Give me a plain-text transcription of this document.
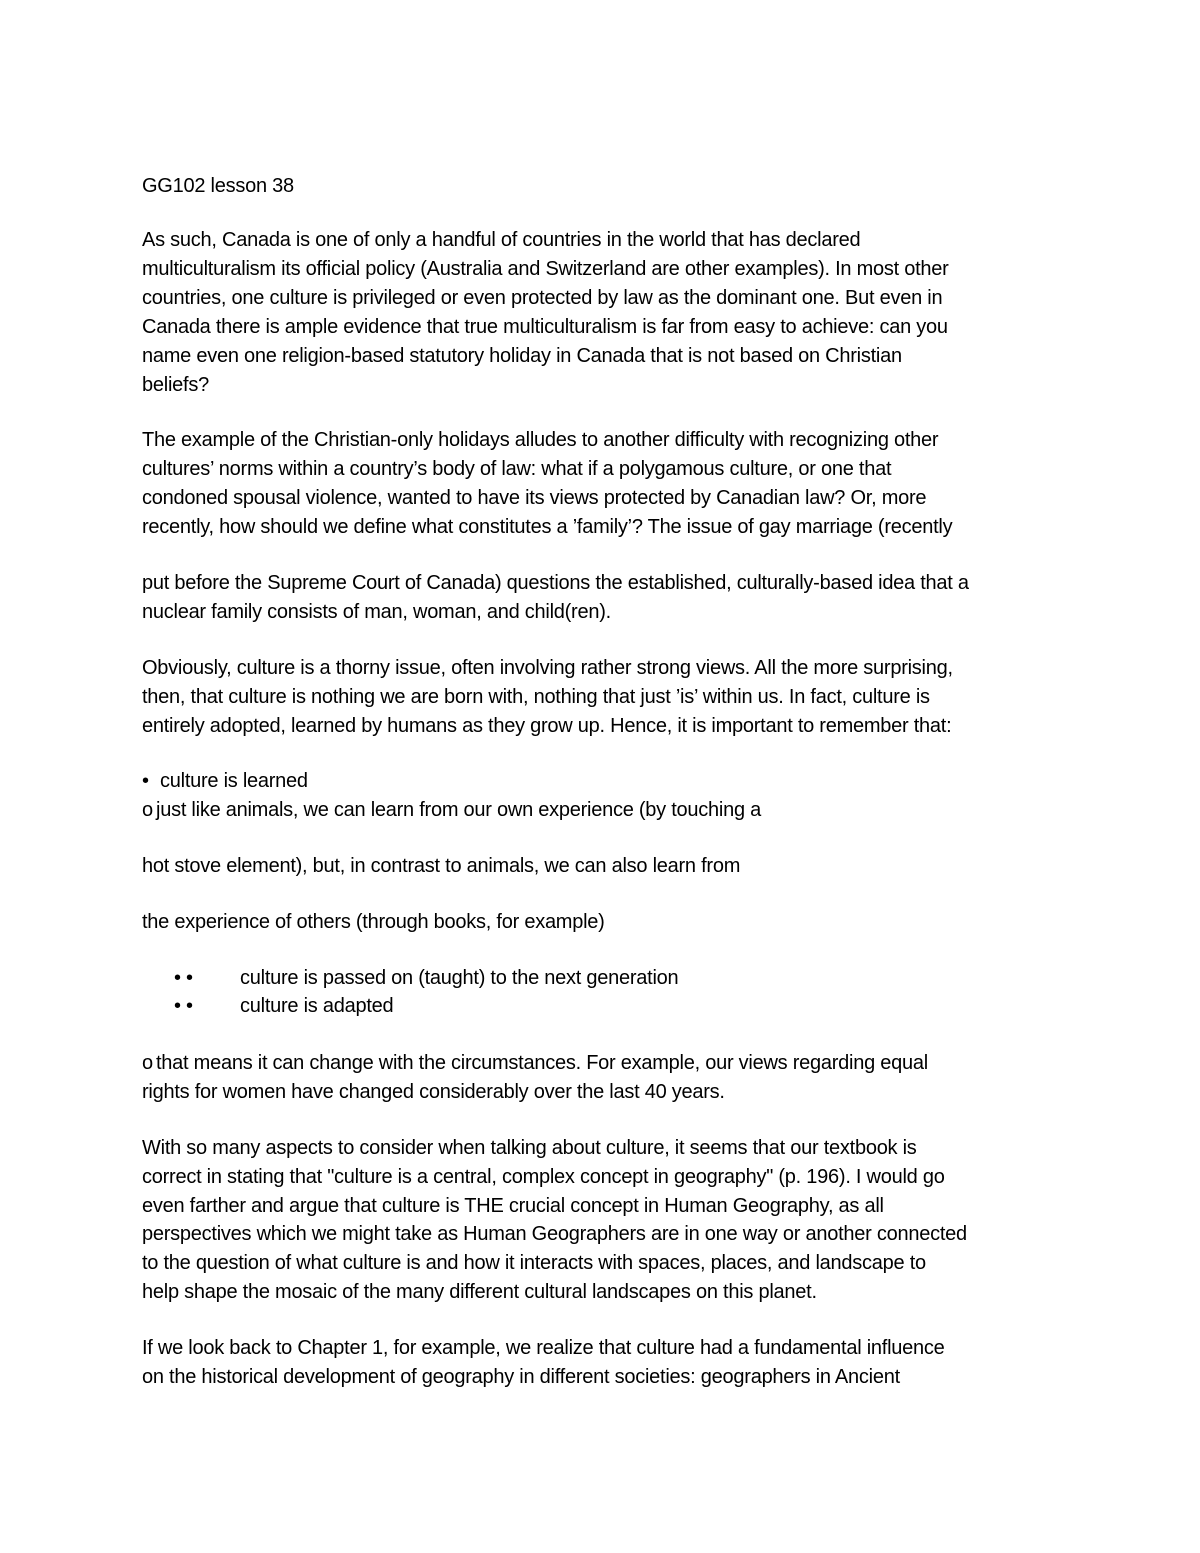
GG102 lesson 38
As such, Canada is one of only a handful of countries in the world that has declared
multiculturalism its official policy (Australia and Switzerland are other examples). In most other
countries, one culture is privileged or even protected by law as the dominant one. But even in
Canada there is ample evidence that true multiculturalism is far from easy to achieve: can you
name even one religion-based statutory holiday in Canada that is not based on Christian
beliefs?
The example of the Christian-only holidays alludes to another difficulty with recognizing other
cultures’ norms within a country’s body of law: what if a polygamous culture, or one that
condoned spousal violence, wanted to have its views protected by Canadian law? Or, more
recently, how should we define what constitutes a ’family’? The issue of gay marriage (recently
put before the Supreme Court of Canada) questions the established, culturally-based idea that a
nuclear family consists of man, woman, and child(ren).
Obviously, culture is a thorny issue, often involving rather strong views. All the more surprising,
then, that culture is nothing we are born with, nothing that just ’is’ within us. In fact, culture is
entirely adopted, learned by humans as they grow up. Hence, it is important to remember that:
• culture is learned
o just like animals, we can learn from our own experience (by touching a
hot stove element), but, in contrast to animals, we can also learn from
the experience of others (through books, for example)
• • culture is passed on (taught) to the next generation
• • culture is adapted
o that means it can change with the circumstances. For example, our views regarding equal
rights for women have changed considerably over the last 40 years.
With so many aspects to consider when talking about culture, it seems that our textbook is
correct in stating that "culture is a central, complex concept in geography" (p. 196). I would go
even farther and argue that culture is THE crucial concept in Human Geography, as all
perspectives which we might take as Human Geographers are in one way or another connected
to the question of what culture is and how it interacts with spaces, places, and landscape to
help shape the mosaic of the many different cultural landscapes on this planet.
If we look back to Chapter 1, for example, we realize that culture had a fundamental influence
on the historical development of geography in different societies: geographers in Ancient
